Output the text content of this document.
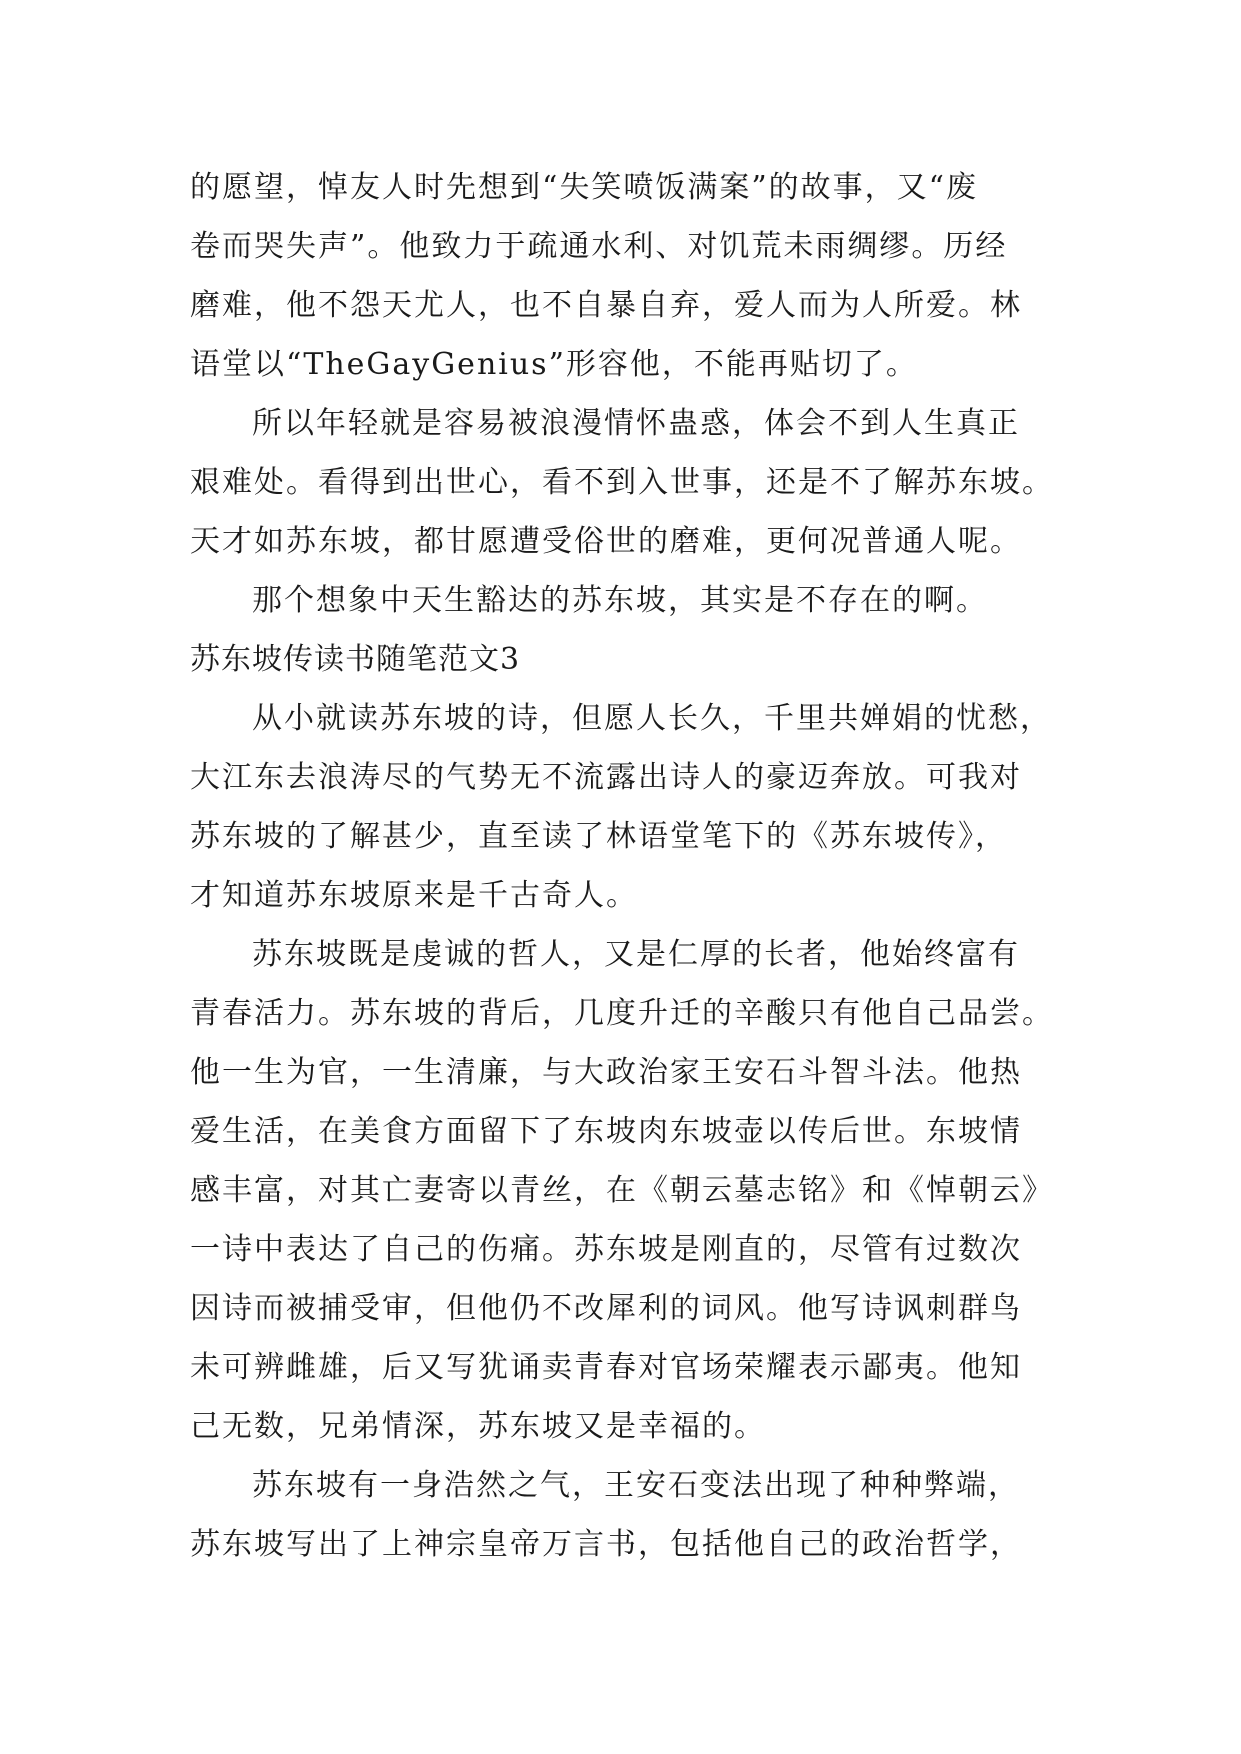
的愿望，悼友人时先想到“失笑喷饭满案”的故事，又“废
卷而哭失声”。他致力于疏通水利、对饥荒未雨绸缪。历经
磨难，他不怨天尤人，也不自暴自弃，爱人而为人所爱。林
语堂以“TheGayGenius”形容他，不能再贴切了。
所以年轻就是容易被浪漫情怀蛊惑，体会不到人生真正
艰难处。看得到出世心，看不到入世事，还是不了解苏东坡。
天才如苏东坡，都甘愿遭受俗世的磨难，更何况普通人呢。
那个想象中天生豁达的苏东坡，其实是不存在的啊。
苏东坡传读书随笔范文3
从小就读苏东坡的诗，但愿人长久，千里共婵娟的忧愁，
大江东去浪涛尽的气势无不流露出诗人的豪迈奔放。可我对
苏东坡的了解甚少，直至读了林语堂笔下的《苏东坡传》，
才知道苏东坡原来是千古奇人。
苏东坡既是虔诚的哲人，又是仁厚的长者，他始终富有
青春活力。苏东坡的背后，几度升迁的辛酸只有他自己品尝。
他一生为官，一生清廉，与大政治家王安石斗智斗法。他热
爱生活，在美食方面留下了东坡肉东坡壶以传后世。东坡情
感丰富，对其亡妻寄以青丝，在《朝云墓志铭》和《悼朝云》
一诗中表达了自己的伤痛。苏东坡是刚直的，尽管有过数次
因诗而被捕受审，但他仍不改犀利的词风。他写诗讽刺群鸟
未可辨雌雄，后又写犹诵卖青春对官场荣耀表示鄙夷。他知
己无数，兄弟情深，苏东坡又是幸福的。
苏东坡有一身浩然之气，王安石变法出现了种种弊端，
苏东坡写出了上神宗皇帝万言书，包括他自己的政治哲学，
